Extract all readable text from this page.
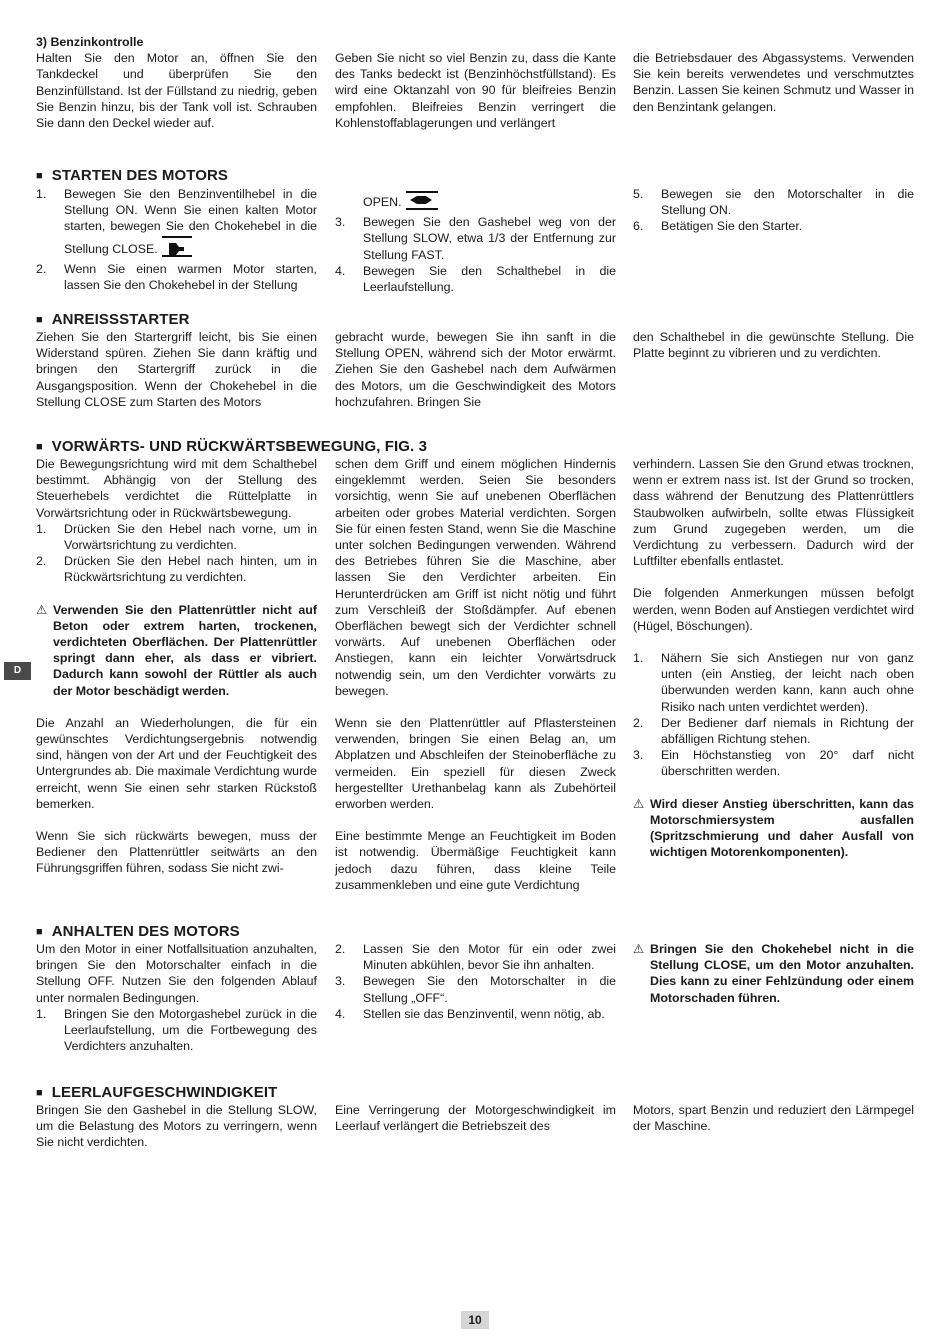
3) Benzinkontrolle

Halten Sie den Motor an, öffnen Sie den Tankdeckel und überprüfen Sie den Benzinfüllstand. Ist der Füllstand zu niedrig, geben Sie Benzin hinzu, bis der Tank voll ist. Schrauben Sie dann den Deckel wieder auf.

Geben Sie nicht so viel Benzin zu, dass die Kante des Tanks bedeckt ist (Benzinhöchstfüllstand). Es wird eine Oktanzahl von 90 für bleifreies Benzin empfohlen. Bleifreies Benzin verringert die Kohlenstoffablagerungen und verlängert

die Betriebsdauer des Abgassystems. Verwenden Sie kein bereits verwendetes und verschmutztes Benzin. Lassen Sie keinen Schmutz und Wasser in den Benzintank gelangen.

■ STARTEN DES MOTORS
1. Bewegen Sie den Benzinventilhebel in die Stellung ON. Wenn Sie einen kalten Motor starten, bewegen Sie den Chokehebel in die Stellung CLOSE.
2. Wenn Sie einen warmen Motor starten, lassen Sie den Chokehebel in der Stellung
OPEN.
3. Bewegen Sie den Gashebel weg von der Stellung SLOW, etwa 1/3 der Entfernung zur Stellung FAST.
4. Bewegen Sie den Schalthebel in die Leerlaufstellung.
5. Bewegen sie den Motorschalter in die Stellung ON.
6. Betätigen Sie den Starter.
■ ANREISSSTARTER

Ziehen Sie den Startergriff leicht, bis Sie einen Widerstand spüren. Ziehen Sie dann kräftig und bringen den Startergriff zurück in die Ausgangsposition. Wenn der Chokehebel in die Stellung CLOSE zum Starten des Motors

gebracht wurde, bewegen Sie ihn sanft in die Stellung OPEN, während sich der Motor erwärmt. Ziehen Sie den Gashebel nach dem Aufwärmen des Motors, um die Geschwindigkeit des Motors hochzufahren. Bringen Sie

den Schalthebel in die gewünschte Stellung. Die Platte beginnt zu vibrieren und zu verdichten.

■ VORWÄRTS- UND RÜCKWÄRTSBEWEGUNG, FIG. 3

Die Bewegungsrichtung wird mit dem Schalthebel bestimmt. Abhängig von der Stellung des Steuerhebels verdichtet die Rüttelplatte in Vorwärtsrichtung oder in Rückwärtsbewegung.

1. Drücken Sie den Hebel nach vorne, um in Vorwärtsrichtung zu verdichten.
2. Drücken Sie den Hebel nach hinten, um in Rückwärtsrichtung zu verdichten.

⚠ Verwenden Sie den Plattenrüttler nicht auf Beton oder extrem harten, trockenen, verdichteten Oberflächen. Der Plattenrüttler springt dann eher, als dass er vibriert. Dadurch kann sowohl der Rüttler als auch der Motor beschädigt werden.

Die Anzahl an Wiederholungen, die für ein gewünschtes Verdichtungsergebnis notwendig sind, hängen von der Art und der Feuchtigkeit des Untergrundes ab. Die maximale Verdichtung wurde erreicht, wenn Sie einen sehr starken Rückstoß bemerken.

Wenn Sie sich rückwärts bewegen, muss der Bediener den Plattenrüttler seitwärts an den Führungsgriffen führen, sodass Sie nicht zwi-

schen dem Griff und einem möglichen Hindernis eingeklemmt werden. Seien Sie besonders vorsichtig, wenn Sie auf unebenen Oberflächen arbeiten oder grobes Material verdichten. Sorgen Sie für einen festen Stand, wenn Sie die Maschine unter solchen Bedingungen verwenden. Während des Betriebes führen Sie die Maschine, aber lassen Sie den Verdichter arbeiten. Ein Herunterdrücken am Griff ist nicht nötig und führt zum Verschleiß der Stoßdämpfer. Auf ebenen Oberflächen bewegt sich der Verdichter schnell vorwärts. Auf unebenen Oberflächen oder Anstiegen, kann ein leichter Vorwärtsdruck notwendig sein, um den Verdichter vorwärts zu bewegen.

Wenn sie den Plattenrüttler auf Pflastersteinen verwenden, bringen Sie einen Belag an, um Abplatzen und Abschleifen der Steinoberfläche zu vermeiden. Ein speziell für diesen Zweck hergestellter Urethanbelag kann als Zubehörteil erworben werden.

Eine bestimmte Menge an Feuchtigkeit im Boden ist notwendig. Übermäßige Feuchtigkeit kann jedoch dazu führen, dass kleine Teile zusammenkleben und eine gute Verdichtung

verhindern. Lassen Sie den Grund etwas trocknen, wenn er extrem nass ist. Ist der Grund so trocken, dass während der Benutzung des Plattenrüttlers Staubwolken aufwirbeln, sollte etwas Flüssigkeit zum Grund zugegeben werden, um die Verdichtung zu verbessern. Dadurch wird der Luftfilter ebenfalls entlastet.

Die folgenden Anmerkungen müssen befolgt werden, wenn Boden auf Anstiegen verdichtet wird (Hügel, Böschungen).

1. Nähern Sie sich Anstiegen nur von ganz unten (ein Anstieg, der leicht nach oben überwunden werden kann, kann auch ohne Risiko nach unten verdichtet werden).
2. Der Bediener darf niemals in Richtung der abfälligen Richtung stehen.
3. Ein Höchstanstieg von 20° darf nicht überschritten werden.

⚠ Wird dieser Anstieg überschritten, kann das Motorschmiersystem ausfallen (Spritzschmierung und daher Ausfall von wichtigen Motorenkomponenten).

D
■ ANHALTEN DES MOTORS

Um den Motor in einer Notfallsituation anzuhalten, bringen Sie den Motorschalter einfach in die Stellung OFF. Nutzen Sie den folgenden Ablauf unter normalen Bedingungen.

1. Bringen Sie den Motorgashebel zurück in die Leerlaufstellung, um die Fortbewegung des Verdichters anzuhalten.
2. Lassen Sie den Motor für ein oder zwei Minuten abkühlen, bevor Sie ihn anhalten.
3. Bewegen Sie den Motorschalter in die Stellung „OFF“.
4. Stellen sie das Benzinventil, wenn nötig, ab.

⚠ Bringen Sie den Chokehebel nicht in die Stellung CLOSE, um den Motor anzuhalten. Dies kann zu einer Fehlzündung oder einem Motorschaden führen.

■ LEERLAUFGESCHWINDIGKEIT

Bringen Sie den Gashebel in die Stellung SLOW, um die Belastung des Motors zu verringern, wenn Sie nicht verdichten.

Eine Verringerung der Motorgeschwindigkeit im Leerlauf verlängert die Betriebszeit des

Motors, spart Benzin und reduziert den Lärmpegel der Maschine.

10
